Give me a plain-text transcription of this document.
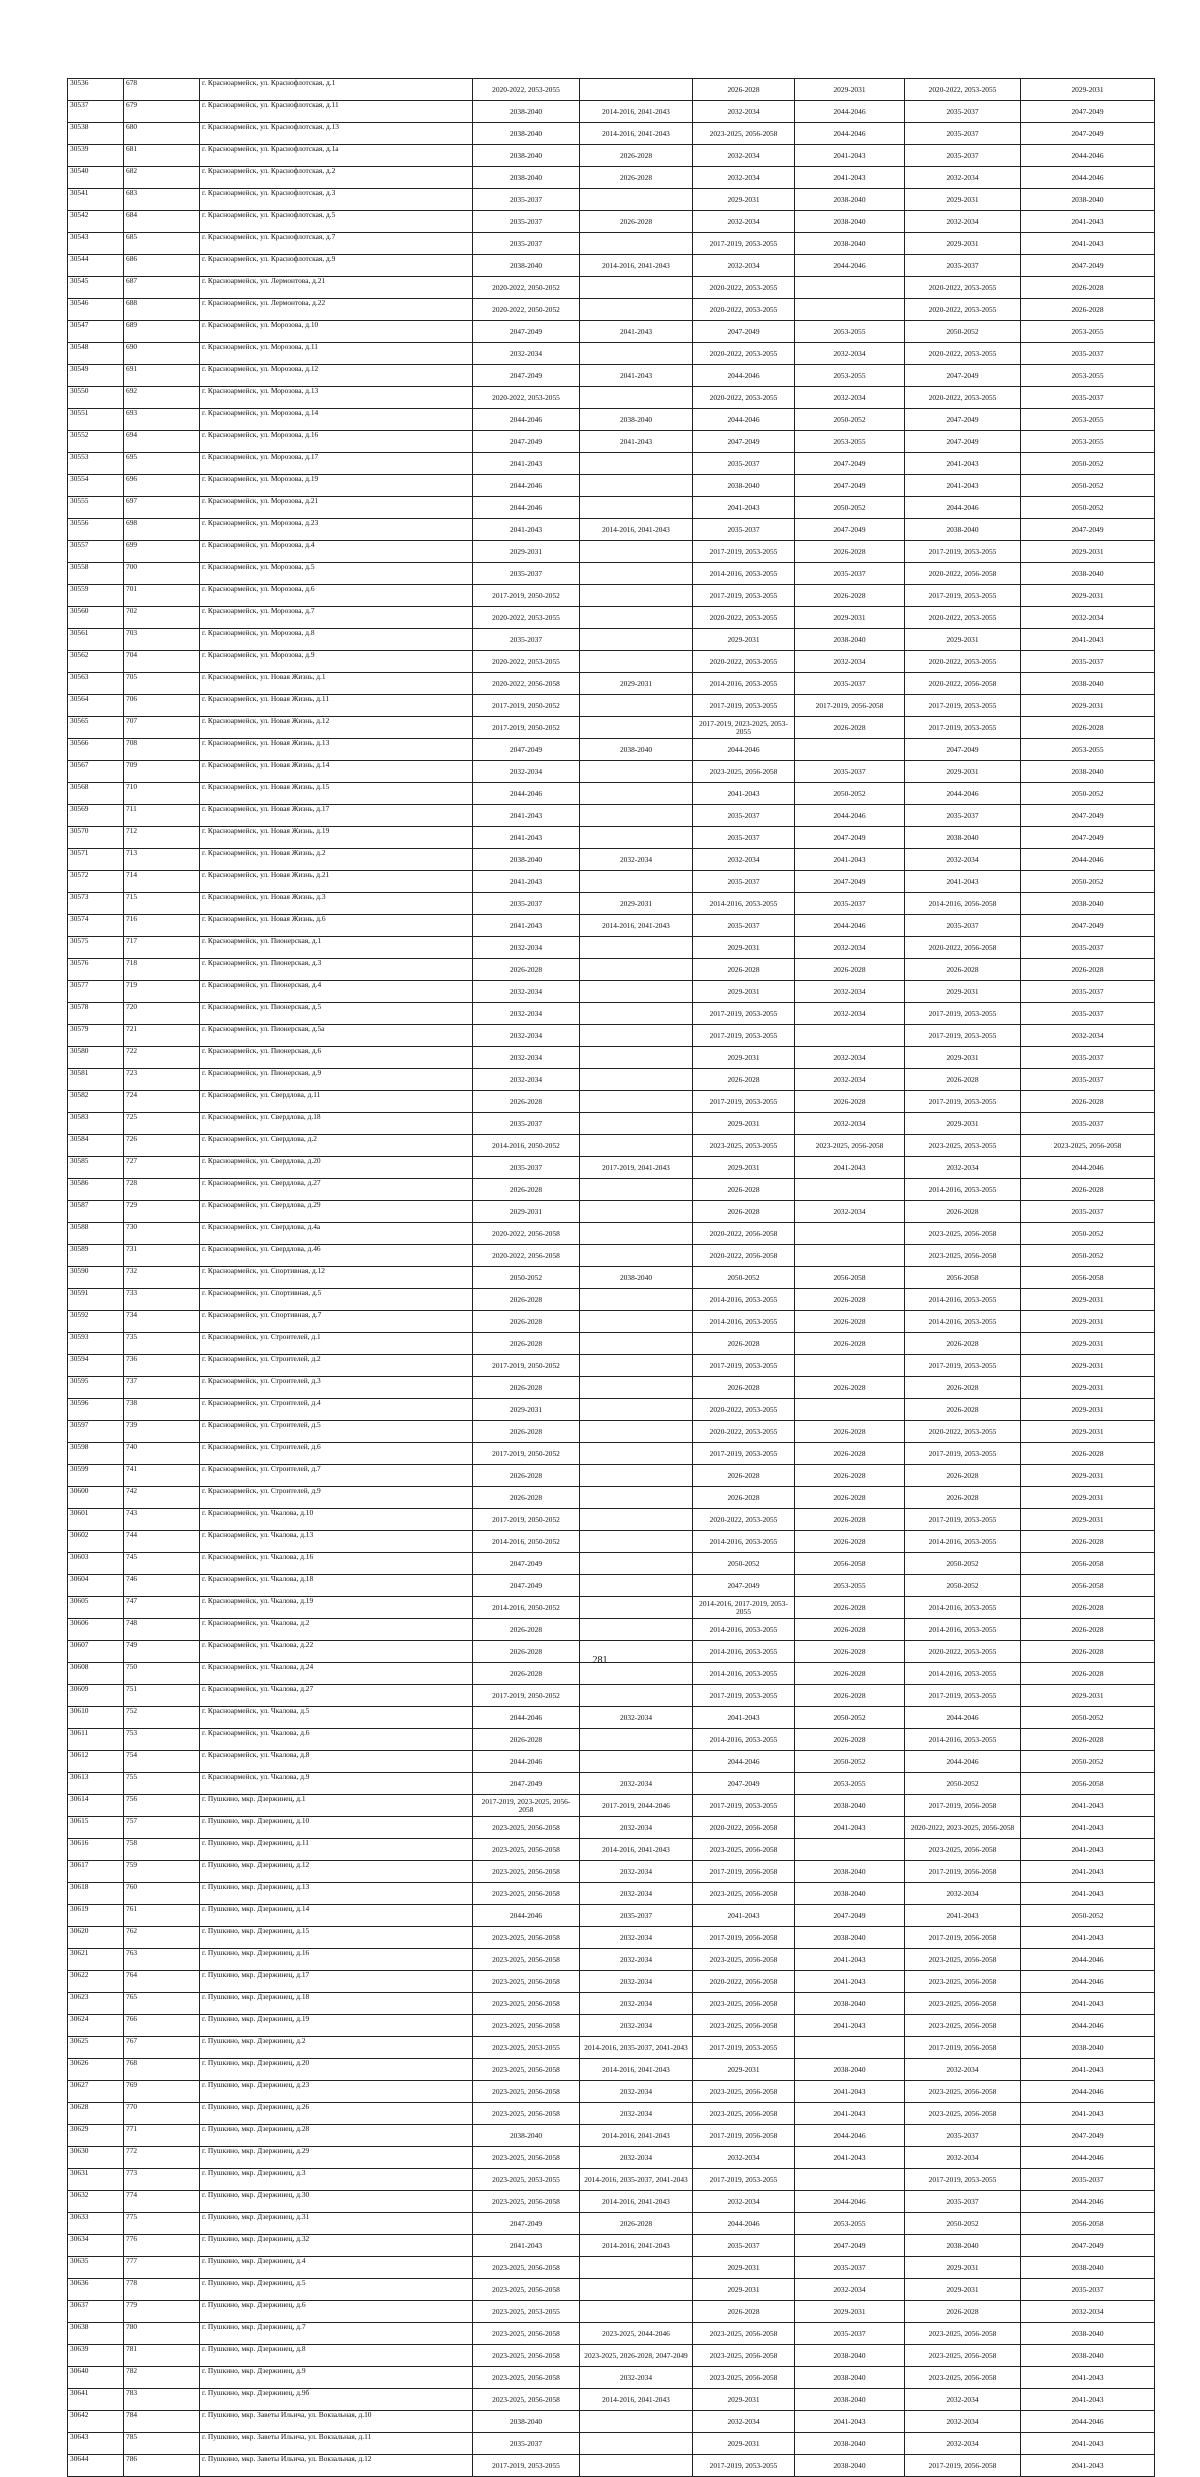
30536	678	г. Красноармейск, ул. Краснофлотская, д.1	2020-2022, 2053-2055		2026-2028	2029-2031	2020-2022, 2053-2055	2029-2031
30537	679	г. Красноармейск, ул. Краснофлотская, д.11	2038-2040	2014-2016, 2041-2043	2032-2034	2044-2046	2035-2037	2047-2049
30538	680	г. Красноармейск, ул. Краснофлотская, д.13	2038-2040	2014-2016, 2041-2043	2023-2025, 2056-2058	2044-2046	2035-2037	2047-2049
30539	681	г. Красноармейск, ул. Краснофлотская, д.1а	2038-2040	2026-2028	2032-2034	2041-2043	2035-2037	2044-2046
30540	682	г. Красноармейск, ул. Краснофлотская, д.2	2038-2040	2026-2028	2032-2034	2041-2043	2032-2034	2044-2046
30541	683	г. Красноармейск, ул. Краснофлотская, д.3	2035-2037		2029-2031	2038-2040	2029-2031	2038-2040
30542	684	г. Красноармейск, ул. Краснофлотская, д.5	2035-2037	2026-2028	2032-2034	2038-2040	2032-2034	2041-2043
30543	685	г. Красноармейск, ул. Краснофлотская, д.7	2035-2037		2017-2019, 2053-2055	2038-2040	2029-2031	2041-2043
30544	686	г. Красноармейск, ул. Краснофлотская, д.9	2038-2040	2014-2016, 2041-2043	2032-2034	2044-2046	2035-2037	2047-2049
30545	687	г. Красноармейск, ул. Лермонтова, д.21	2020-2022, 2050-2052		2020-2022, 2053-2055		2020-2022, 2053-2055	2026-2028
30546	688	г. Красноармейск, ул. Лермонтова, д.22	2020-2022, 2050-2052		2020-2022, 2053-2055		2020-2022, 2053-2055	2026-2028
30547	689	г. Красноармейск, ул. Морозова, д.10	2047-2049	2041-2043	2047-2049	2053-2055	2050-2052	2053-2055
30548	690	г. Красноармейск, ул. Морозова, д.11	2032-2034		2020-2022, 2053-2055	2032-2034	2020-2022, 2053-2055	2035-2037
30549	691	г. Красноармейск, ул. Морозова, д.12	2047-2049	2041-2043	2044-2046	2053-2055	2047-2049	2053-2055
30550	692	г. Красноармейск, ул. Морозова, д.13	2020-2022, 2053-2055		2020-2022, 2053-2055	2032-2034	2020-2022, 2053-2055	2035-2037
30551	693	г. Красноармейск, ул. Морозова, д.14	2044-2046	2038-2040	2044-2046	2050-2052	2047-2049	2053-2055
30552	694	г. Красноармейск, ул. Морозова, д.16	2047-2049	2041-2043	2047-2049	2053-2055	2047-2049	2053-2055
30553	695	г. Красноармейск, ул. Морозова, д.17	2041-2043		2035-2037	2047-2049	2041-2043	2050-2052
30554	696	г. Красноармейск, ул. Морозова, д.19	2044-2046		2038-2040	2047-2049	2041-2043	2050-2052
30555	697	г. Красноармейск, ул. Морозова, д.21	2044-2046		2041-2043	2050-2052	2044-2046	2050-2052
30556	698	г. Красноармейск, ул. Морозова, д.23	2041-2043	2014-2016, 2041-2043	2035-2037	2047-2049	2038-2040	2047-2049
30557	699	г. Красноармейск, ул. Морозова, д.4	2029-2031		2017-2019, 2053-2055	2026-2028	2017-2019, 2053-2055	2029-2031
30558	700	г. Красноармейск, ул. Морозова, д.5	2035-2037		2014-2016, 2053-2055	2035-2037	2020-2022, 2056-2058	2038-2040
30559	701	г. Красноармейск, ул. Морозова, д.6	2017-2019, 2050-2052		2017-2019, 2053-2055	2026-2028	2017-2019, 2053-2055	2029-2031
30560	702	г. Красноармейск, ул. Морозова, д.7	2020-2022, 2053-2055		2020-2022, 2053-2055	2029-2031	2020-2022, 2053-2055	2032-2034
30561	703	г. Красноармейск, ул. Морозова, д.8	2035-2037		2029-2031	2038-2040	2029-2031	2041-2043
30562	704	г. Красноармейск, ул. Морозова, д.9	2020-2022, 2053-2055		2020-2022, 2053-2055	2032-2034	2020-2022, 2053-2055	2035-2037
30563	705	г. Красноармейск, ул. Новая Жизнь, д.1	2020-2022, 2056-2058	2029-2031	2014-2016, 2053-2055	2035-2037	2020-2022, 2056-2058	2038-2040
30564	706	г. Красноармейск, ул. Новая Жизнь, д.11	2017-2019, 2050-2052		2017-2019, 2053-2055	2017-2019, 2056-2058	2017-2019, 2053-2055	2029-2031
30565	707	г. Красноармейск, ул. Новая Жизнь, д.12	2017-2019, 2050-2052		2017-2019, 2023-2025, 2053-2055	2026-2028	2017-2019, 2053-2055	2026-2028
30566	708	г. Красноармейск, ул. Новая Жизнь, д.13	2047-2049	2038-2040	2044-2046		2047-2049	2053-2055
30567	709	г. Красноармейск, ул. Новая Жизнь, д.14	2032-2034		2023-2025, 2056-2058	2035-2037	2029-2031	2038-2040
30568	710	г. Красноармейск, ул. Новая Жизнь, д.15	2044-2046		2041-2043	2050-2052	2044-2046	2050-2052
30569	711	г. Красноармейск, ул. Новая Жизнь, д.17	2041-2043		2035-2037	2044-2046	2035-2037	2047-2049
30570	712	г. Красноармейск, ул. Новая Жизнь, д.19	2041-2043		2035-2037	2047-2049	2038-2040	2047-2049
30571	713	г. Красноармейск, ул. Новая Жизнь, д.2	2038-2040	2032-2034	2032-2034	2041-2043	2032-2034	2044-2046
30572	714	г. Красноармейск, ул. Новая Жизнь, д.21	2041-2043		2035-2037	2047-2049	2041-2043	2050-2052
30573	715	г. Красноармейск, ул. Новая Жизнь, д.3	2035-2037	2029-2031	2014-2016, 2053-2055	2035-2037	2014-2016, 2056-2058	2038-2040
30574	716	г. Красноармейск, ул. Новая Жизнь, д.6	2041-2043	2014-2016, 2041-2043	2035-2037	2044-2046	2035-2037	2047-2049
30575	717	г. Красноармейск, ул. Пионерская, д.1	2032-2034		2029-2031	2032-2034	2020-2022, 2056-2058	2035-2037
30576	718	г. Красноармейск, ул. Пионерская, д.3	2026-2028		2026-2028	2026-2028	2026-2028	2026-2028
30577	719	г. Красноармейск, ул. Пионерская, д.4	2032-2034		2029-2031	2032-2034	2029-2031	2035-2037
30578	720	г. Красноармейск, ул. Пионерская, д.5	2032-2034		2017-2019, 2053-2055	2032-2034	2017-2019, 2053-2055	2035-2037
30579	721	г. Красноармейск, ул. Пионерская, д.5а	2032-2034		2017-2019, 2053-2055		2017-2019, 2053-2055	2032-2034
30580	722	г. Красноармейск, ул. Пионерская, д.6	2032-2034		2029-2031	2032-2034	2029-2031	2035-2037
30581	723	г. Красноармейск, ул. Пионерская, д.9	2032-2034		2026-2028	2032-2034	2026-2028	2035-2037
30582	724	г. Красноармейск, ул. Свердлова, д.11	2026-2028		2017-2019, 2053-2055	2026-2028	2017-2019, 2053-2055	2026-2028
30583	725	г. Красноармейск, ул. Свердлова, д.18	2035-2037		2029-2031	2032-2034	2029-2031	2035-2037
30584	726	г. Красноармейск, ул. Свердлова, д.2	2014-2016, 2050-2052		2023-2025, 2053-2055	2023-2025, 2056-2058	2023-2025, 2053-2055	2023-2025, 2056-2058
30585	727	г. Красноармейск, ул. Свердлова, д.20	2035-2037	2017-2019, 2041-2043	2029-2031	2041-2043	2032-2034	2044-2046
30586	728	г. Красноармейск, ул. Свердлова, д.27	2026-2028		2026-2028		2014-2016, 2053-2055	2026-2028
30587	729	г. Красноармейск, ул. Свердлова, д.29	2029-2031		2026-2028	2032-2034	2026-2028	2035-2037
30588	730	г. Красноармейск, ул. Свердлова, д.4а	2020-2022, 2056-2058		2020-2022, 2056-2058		2023-2025, 2056-2058	2050-2052
30589	731	г. Красноармейск, ул. Свердлова, д.46	2020-2022, 2056-2058		2020-2022, 2056-2058		2023-2025, 2056-2058	2050-2052
30590	732	г. Красноармейск, ул. Спортивная, д.12	2050-2052	2038-2040	2050-2052	2056-2058	2056-2058	2056-2058
30591	733	г. Красноармейск, ул. Спортивная, д.5	2026-2028		2014-2016, 2053-2055	2026-2028	2014-2016, 2053-2055	2029-2031
30592	734	г. Красноармейск, ул. Спортивная, д.7	2026-2028		2014-2016, 2053-2055	2026-2028	2014-2016, 2053-2055	2029-2031
30593	735	г. Красноармейск, ул. Строителей, д.1	2026-2028		2026-2028	2026-2028	2026-2028	2029-2031
30594	736	г. Красноармейск, ул. Строителей, д.2	2017-2019, 2050-2052		2017-2019, 2053-2055		2017-2019, 2053-2055	2029-2031
30595	737	г. Красноармейск, ул. Строителей, д.3	2026-2028		2026-2028	2026-2028	2026-2028	2029-2031
30596	738	г. Красноармейск, ул. Строителей, д.4	2029-2031		2020-2022, 2053-2055		2026-2028	2029-2031
30597	739	г. Красноармейск, ул. Строителей, д.5	2026-2028		2020-2022, 2053-2055	2026-2028	2020-2022, 2053-2055	2029-2031
30598	740	г. Красноармейск, ул. Строителей, д.6	2017-2019, 2050-2052		2017-2019, 2053-2055	2026-2028	2017-2019, 2053-2055	2026-2028
30599	741	г. Красноармейск, ул. Строителей, д.7	2026-2028		2026-2028	2026-2028	2026-2028	2029-2031
30600	742	г. Красноармейск, ул. Строителей, д.9	2026-2028		2026-2028	2026-2028	2026-2028	2029-2031
30601	743	г. Красноармейск, ул. Чкалова, д.10	2017-2019, 2050-2052		2020-2022, 2053-2055	2026-2028	2017-2019, 2053-2055	2029-2031
30602	744	г. Красноармейск, ул. Чкалова, д.13	2014-2016, 2050-2052		2014-2016, 2053-2055	2026-2028	2014-2016, 2053-2055	2026-2028
30603	745	г. Красноармейск, ул. Чкалова, д.16	2047-2049		2050-2052	2056-2058	2050-2052	2056-2058
30604	746	г. Красноармейск, ул. Чкалова, д.18	2047-2049		2047-2049	2053-2055	2050-2052	2056-2058
30605	747	г. Красноармейск, ул. Чкалова, д.19	2014-2016, 2050-2052		2014-2016, 2017-2019, 2053-2055	2026-2028	2014-2016, 2053-2055	2026-2028
30606	748	г. Красноармейск, ул. Чкалова, д.2	2026-2028		2014-2016, 2053-2055	2026-2028	2014-2016, 2053-2055	2026-2028
30607	749	г. Красноармейск, ул. Чкалова, д.22	2026-2028		2014-2016, 2053-2055	2026-2028	2020-2022, 2053-2055	2026-2028
30608	750	г. Красноармейск, ул. Чкалова, д.24	2026-2028		2014-2016, 2053-2055	2026-2028	2014-2016, 2053-2055	2026-2028
30609	751	г. Красноармейск, ул. Чкалова, д.27	2017-2019, 2050-2052		2017-2019, 2053-2055	2026-2028	2017-2019, 2053-2055	2029-2031
30610	752	г. Красноармейск, ул. Чкалова, д.5	2044-2046	2032-2034	2041-2043	2050-2052	2044-2046	2050-2052
30611	753	г. Красноармейск, ул. Чкалова, д.6	2026-2028		2014-2016, 2053-2055	2026-2028	2014-2016, 2053-2055	2026-2028
30612	754	г. Красноармейск, ул. Чкалова, д.8	2044-2046		2044-2046	2050-2052	2044-2046	2050-2052
30613	755	г. Красноармейск, ул. Чкалова, д.9	2047-2049	2032-2034	2047-2049	2053-2055	2050-2052	2056-2058
30614	756	г. Пушкино, мкр. Дзержинец, д.1	2017-2019, 2023-2025, 2056-2058	2017-2019, 2044-2046	2017-2019, 2053-2055	2038-2040	2017-2019, 2056-2058	2041-2043
30615	757	г. Пушкино, мкр. Дзержинец, д.10	2023-2025, 2056-2058	2032-2034	2020-2022, 2056-2058	2041-2043	2020-2022, 2023-2025, 2056-2058	2041-2043
30616	758	г. Пушкино, мкр. Дзержинец, д.11	2023-2025, 2056-2058	2014-2016, 2041-2043	2023-2025, 2056-2058		2023-2025, 2056-2058	2041-2043
30617	759	г. Пушкино, мкр. Дзержинец, д.12	2023-2025, 2056-2058	2032-2034	2017-2019, 2056-2058	2038-2040	2017-2019, 2056-2058	2041-2043
30618	760	г. Пушкино, мкр. Дзержинец, д.13	2023-2025, 2056-2058	2032-2034	2023-2025, 2056-2058	2038-2040	2032-2034	2041-2043
30619	761	г. Пушкино, мкр. Дзержинец, д.14	2044-2046	2035-2037	2041-2043	2047-2049	2041-2043	2050-2052
30620	762	г. Пушкино, мкр. Дзержинец, д.15	2023-2025, 2056-2058	2032-2034	2017-2019, 2056-2058	2038-2040	2017-2019, 2056-2058	2041-2043
30621	763	г. Пушкино, мкр. Дзержинец, д.16	2023-2025, 2056-2058	2032-2034	2023-2025, 2056-2058	2041-2043	2023-2025, 2056-2058	2044-2046
30622	764	г. Пушкино, мкр. Дзержинец, д.17	2023-2025, 2056-2058	2032-2034	2020-2022, 2056-2058	2041-2043	2023-2025, 2056-2058	2044-2046
30623	765	г. Пушкино, мкр. Дзержинец, д.18	2023-2025, 2056-2058	2032-2034	2023-2025, 2056-2058	2038-2040	2023-2025, 2056-2058	2041-2043
30624	766	г. Пушкино, мкр. Дзержинец, д.19	2023-2025, 2056-2058	2032-2034	2023-2025, 2056-2058	2041-2043	2023-2025, 2056-2058	2044-2046
30625	767	г. Пушкино, мкр. Дзержинец, д.2	2023-2025, 2053-2055	2014-2016, 2035-2037, 2041-2043	2017-2019, 2053-2055		2017-2019, 2056-2058	2038-2040
30626	768	г. Пушкино, мкр. Дзержинец, д.20	2023-2025, 2056-2058	2014-2016, 2041-2043	2029-2031	2038-2040	2032-2034	2041-2043
30627	769	г. Пушкино, мкр. Дзержинец, д.23	2023-2025, 2056-2058	2032-2034	2023-2025, 2056-2058	2041-2043	2023-2025, 2056-2058	2044-2046
30628	770	г. Пушкино, мкр. Дзержинец, д.26	2023-2025, 2056-2058	2032-2034	2023-2025, 2056-2058	2041-2043	2023-2025, 2056-2058	2041-2043
30629	771	г. Пушкино, мкр. Дзержинец, д.28	2038-2040	2014-2016, 2041-2043	2017-2019, 2056-2058	2044-2046	2035-2037	2047-2049
30630	772	г. Пушкино, мкр. Дзержинец, д.29	2023-2025, 2056-2058	2032-2034	2032-2034	2041-2043	2032-2034	2044-2046
30631	773	г. Пушкино, мкр. Дзержинец, д.3	2023-2025, 2053-2055	2014-2016, 2035-2037, 2041-2043	2017-2019, 2053-2055		2017-2019, 2053-2055	2035-2037
30632	774	г. Пушкино, мкр. Дзержинец, д.30	2023-2025, 2056-2058	2014-2016, 2041-2043	2032-2034	2044-2046	2035-2037	2044-2046
30633	775	г. Пушкино, мкр. Дзержинец, д.31	2047-2049	2026-2028	2044-2046	2053-2055	2050-2052	2056-2058
30634	776	г. Пушкино, мкр. Дзержинец, д.32	2041-2043	2014-2016, 2041-2043	2035-2037	2047-2049	2038-2040	2047-2049
30635	777	г. Пушкино, мкр. Дзержинец, д.4	2023-2025, 2056-2058		2029-2031	2035-2037	2029-2031	2038-2040
30636	778	г. Пушкино, мкр. Дзержинец, д.5	2023-2025, 2056-2058		2029-2031	2032-2034	2029-2031	2035-2037
30637	779	г. Пушкино, мкр. Дзержинец, д.6	2023-2025, 2053-2055		2026-2028	2029-2031	2026-2028	2032-2034
30638	780	г. Пушкино, мкр. Дзержинец, д.7	2023-2025, 2056-2058	2023-2025, 2044-2046	2023-2025, 2056-2058	2035-2037	2023-2025, 2056-2058	2038-2040
30639	781	г. Пушкино, мкр. Дзержинец, д.8	2023-2025, 2056-2058	2023-2025, 2026-2028, 2047-2049	2023-2025, 2056-2058	2038-2040	2023-2025, 2056-2058	2038-2040
30640	782	г. Пушкино, мкр. Дзержинец, д.9	2023-2025, 2056-2058	2032-2034	2023-2025, 2056-2058	2038-2040	2023-2025, 2056-2058	2041-2043
30641	783	г. Пушкино, мкр. Дзержинец, д.9б	2023-2025, 2056-2058	2014-2016, 2041-2043	2029-2031	2038-2040	2032-2034	2041-2043
30642	784	г. Пушкино, мкр. Заветы Ильича, ул. Вокзальная, д.10	2038-2040		2032-2034	2041-2043	2032-2034	2044-2046
30643	785	г. Пушкино, мкр. Заветы Ильича, ул. Вокзальная, д.11	2035-2037		2029-2031	2038-2040	2032-2034	2041-2043
30644	786	г. Пушкино, мкр. Заветы Ильича, ул. Вокзальная, д.12	2017-2019, 2053-2055		2017-2019, 2053-2055	2038-2040	2017-2019, 2056-2058	2041-2043
281
